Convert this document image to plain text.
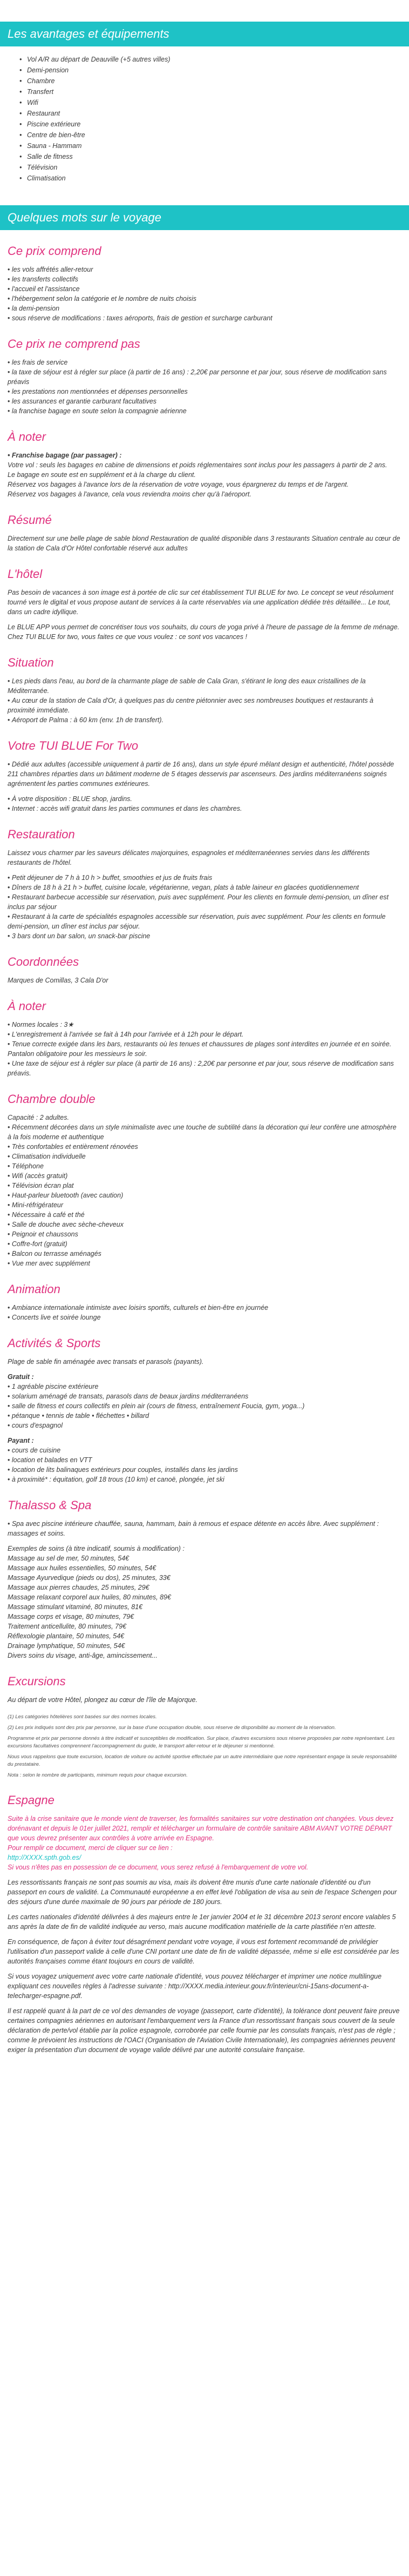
Les avantages et équipements
• Vol A/R au départ de Deauville (+5 autres villes)
• Demi-pension
• Chambre
• Transfert
• Wifi
• Restaurant
• Piscine extérieure
• Centre de bien-être
• Sauna - Hammam
• Salle de fitness
• Télévision
• Climatisation
Quelques mots sur le voyage
Ce prix comprend
• les vols affrétés aller-retour
• les transferts collectifs
• l'accueil et l'assistance
• l'hébergement selon la catégorie et le nombre de nuits choisis
• la demi-pension
• sous réserve de modifications : taxes aéroports, frais de gestion et surcharge carburant
Ce prix ne comprend pas
• les frais de service
• la taxe de séjour est à régler sur place (à partir de 16 ans) : 2,20€ par personne et par jour, sous réserve de modification sans préavis
• les prestations non mentionnées et dépenses personnelles
• les assurances et garantie carburant facultatives
• la franchise bagage en soute selon la compagnie aérienne
À noter

• Franchise bagage (par passager) :

Votre vol : seuls les bagages en cabine de dimensions et poids réglementaires sont inclus pour les passagers à partir de 2 ans.

Le bagage en soute est en supplément et à la charge du client.

Réservez vos bagages à l'avance lors de la réservation de votre voyage, vous épargnerez du temps et de l'argent.

Réservez vos bagages à l'avance, cela vous reviendra moins cher qu'à l'aéroport.

Résumé

Directement sur une belle plage de sable blond Restauration de qualité disponible dans 3 restaurants Situation centrale au cœur de la station de Cala d'Or Hôtel confortable réservé aux adultes

L'hôtel

Pas besoin de vacances à son image est à portée de clic sur cet établissement TUI BLUE for two. Le concept se veut résolument tourné vers le digital et vous propose autant de services à la carte réservables via une application dédiée très détaillée... Le tout, dans un cadre idyllique.

Le BLUE APP vous permet de concrétiser tous vos souhaits, du cours de yoga privé à l'heure de passage de la femme de ménage. Chez TUI BLUE for two, vous faites ce que vous voulez : ce sont vos vacances !

Situation
• Les pieds dans l'eau, au bord de la charmante plage de sable de Cala Gran, s'étirant le long des eaux cristallines de la Méditerranée.
• Au cœur de la station de Cala d'Or, à quelques pas du centre piétonnier avec ses nombreuses boutiques et restaurants à proximité immédiate.
• Aéroport de Palma : à 60 km (env. 1h de transfert).
Votre TUI BLUE For Two

• Dédié aux adultes (accessible uniquement à partir de 16 ans), dans un style épuré mêlant design et authenticité, l'hôtel possède 211 chambres réparties dans un bâtiment moderne de 5 étages desservis par ascenseurs. Des jardins méditerranéens soignés agrémentent les parties communes extérieures.

• À votre disposition : BLUE shop, jardins.

• Internet : accès wifi gratuit dans les parties communes et dans les chambres.

Restauration

Laissez vous charmer par les saveurs délicates majorquines, espagnoles et méditerranéennes servies dans les différents restaurants de l'hôtel.

• Petit déjeuner de 7 h à 10 h > buffet, smoothies et jus de fruits frais
• Dîners de 18 h à 21 h > buffet, cuisine locale, végétarienne, vegan, plats à table laineur en glacées quotidiennement
• Restaurant barbecue accessible sur réservation, puis avec supplément. Pour les clients en formule demi-pension, un dîner est inclus par séjour
• Restaurant à la carte de spécialités espagnoles accessible sur réservation, puis avec supplément. Pour les clients en formule demi-pension, un dîner est inclus par séjour.
• 3 bars dont un bar salon, un snack-bar piscine
Coordonnées

Marques de Comillas, 3 Cala D'or

À noter
• Normes locales : 3★
• L'enregistrement à l'arrivée se fait à 14h pour l'arrivée et à 12h pour le départ.
• Tenue correcte exigée dans les bars, restaurants où les tenues et chaussures de plages sont interdites en journée et en soirée. Pantalon obligatoire pour les messieurs le soir.
• Une taxe de séjour est à régler sur place (à partir de 16 ans) : 2,20€ par personne et par jour, sous réserve de modification sans préavis.
Chambre double

Capacité : 2 adultes.

• Récemment décorées dans un style minimaliste avec une touche de subtilité dans la décoration qui leur confère une atmosphère à la fois moderne et authentique

• Très confortables et entièrement rénovées
• Climatisation individuelle
• Téléphone
• Wifi (accès gratuit)
• Télévision écran plat
• Haut-parleur bluetooth (avec caution)
• Mini-réfrigérateur
• Nécessaire à café et thé
• Salle de douche avec sèche-cheveux
• Peignoir et chaussons
• Coffre-fort (gratuit)
• Balcon ou terrasse aménagés
• Vue mer avec supplément
Animation
• Ambiance internationale intimiste avec loisirs sportifs, culturels et bien-être en journée
• Concerts live et soirée lounge
Activités & Sports

Plage de sable fin aménagée avec transats et parasols (payants).

Gratuit :

• 1 agréable piscine extérieure
• solarium aménagé de transats, parasols dans de beaux jardins méditerranéens
• salle de fitness et cours collectifs en plein air (cours de fitness, entraînement Foucia, gym, yoga...)
• pétanque • tennis de table • fléchettes • billard
• cours d'espagnol

Payant :

• cours de cuisine
• location et balades en VTT
• location de lits balinaques extérieurs pour couples, installés dans les jardins
• à proximité* : équitation, golf 18 trous (10 km) et canoë, plongée, jet ski
Thalasso & Spa

• Spa avec piscine intérieure chauffée, sauna, hammam, bain à remous et espace détente en accès libre. Avec supplément : massages et soins.

Exemples de soins (à titre indicatif, soumis à modification) :

Massage au sel de mer, 50 minutes, 54€

Massage aux huiles essentielles, 50 minutes, 54€

Massage Ayurvedique (pieds ou dos), 25 minutes, 33€

Massage aux pierres chaudes, 25 minutes, 29€

Massage relaxant corporel aux huiles, 80 minutes, 89€

Massage stimulant vitaminé, 80 minutes, 81€

Massage corps et visage, 80 minutes, 79€

Traitement anticellulite, 80 minutes, 79€

Réflexologie plantaire, 50 minutes, 54€

Drainage lymphatique, 50 minutes, 54€

Divers soins du visage, anti-âge, amincissement...

Excursions

Au départ de votre Hôtel, plongez au cœur de l'île de Majorque.

(1) Les catégories hôtelières sont basées sur des normes locales.

(2) Les prix indiqués sont des prix par personne, sur la base d'une occupation double, sous réserve de disponibilité au moment de la réservation.

Programme et prix par personne donnés à titre indicatif et susceptibles de modification. Sur place, d'autres excursions sous réserve proposées par notre représentant. Les excursions facultatives comprennent l'accompagnement du guide, le transport aller-retour et le déjeuner si mentionné.

Nous vous rappelons que toute excursion, location de voiture ou activité sportive effectuée par un autre intermédiaire que notre représentant engage la seule responsabilité du prestataire.

Nota : selon le nombre de participants, minimum requis pour chaque excursion.

Espagne

Suite à la crise sanitaire que le monde vient de traverser, les formalités sanitaires sur votre destination ont changées. Vous devez dorénavant et depuis le 01er juillet 2021, remplir et télécharger un formulaire de contrôle sanitaire ABM AVANT VOTRE DÉPART que vous devrez présenter aux contrôles à votre arrivée en Espagne.

Pour remplir ce document, merci de cliquer sur ce lien :

http://XXXX.spth.gob.es/

Si vous n'êtes pas en possession de ce document, vous serez refusé à l'embarquement de votre vol.

Les ressortissants français ne sont pas soumis au visa, mais ils doivent être munis d'une carte nationale d'identité ou d'un passeport en cours de validité. La Communauté européenne a en effet levé l'obligation de visa au sein de l'espace Schengen pour des séjours d'une durée maximale de 90 jours par période de 180 jours.

Les cartes nationales d'identité délivrées à des majeurs entre le 1er janvier 2004 et le 31 décembre 2013 seront encore valables 5 ans après la date de fin de validité indiquée au verso, mais aucune modification matérielle de la carte plastifiée n'en atteste.

En conséquence, de façon à éviter tout désagrément pendant votre voyage, il vous est fortement recommandé de privilégier l'utilisation d'un passeport valide à celle d'une CNI portant une date de fin de validité dépassée, même si elle est considérée par les autorités françaises comme étant toujours en cours de validité.

Si vous voyagez uniquement avec votre carte nationale d'identité, vous pouvez télécharger et imprimer une notice multilingue expliquant ces nouvelles règles à l'adresse suivante : http://XXXX.media.interieur.gouv.fr/interieur/cni-15ans-document-a-telecharger-espagne.pdf.

Il est rappelé quant à la part de ce vol des demandes de voyage (passeport, carte d'identité), la tolérance dont peuvent faire preuve certaines compagnies aériennes en autorisant l'embarquement vers la France d'un ressortissant français sous couvert de la seule déclaration de perte/vol établie par la police espagnole, corroborée par celle fournie par les consulats français, n'est pas de règle ; comme le prévoient les instructions de l'OACI (Organisation de l'Aviation Civile Internationale), les compagnies aériennes peuvent exiger la présentation d'un document de voyage valide délivré par une autorité consulaire française.
